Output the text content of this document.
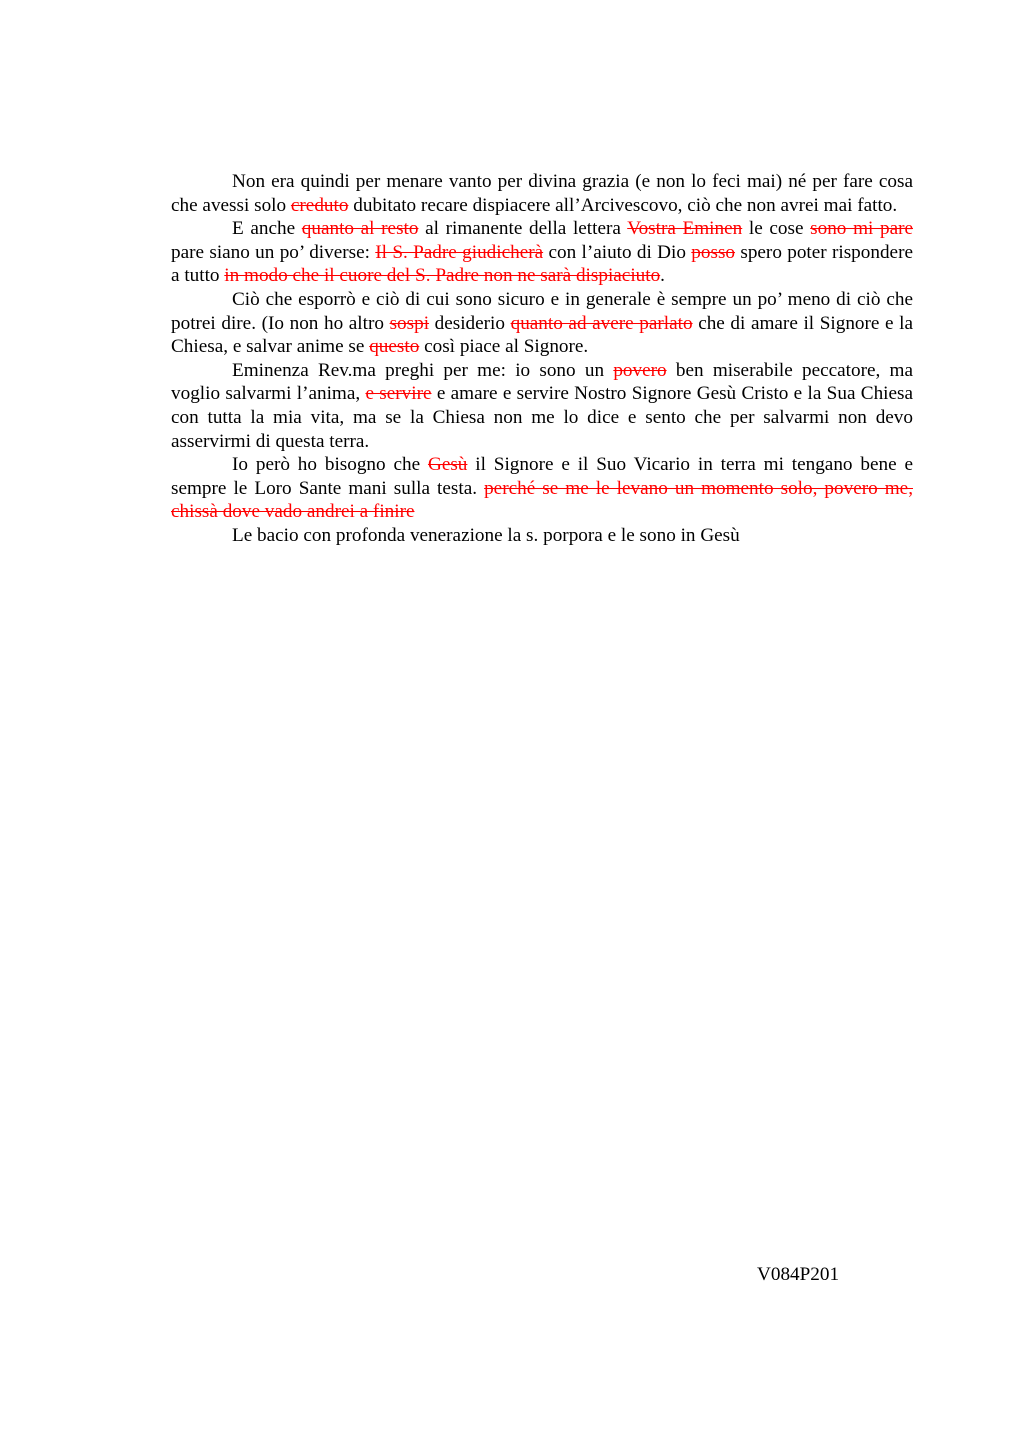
Non era quindi per menare vanto per divina grazia (e non lo feci mai) né per fare cosa che avessi solo creduto dubitato recare dispiacere all’Arcivescovo, ciò che non avrei mai fatto.

E anche quanto al resto al rimanente della lettera Vostra Eminen le cose sono mi pare pare siano un po’ diverse: Il S. Padre giudicherà con l’aiuto di Dio posso spero poter rispondere a tutto in modo che il cuore del S. Padre non ne sarà dispiaciuto.

Ciò che esporrò e ciò di cui sono sicuro e in generale è sempre un po’ meno di ciò che potrei dire. (Io non ho altro sospi desiderio quanto ad avere parlato che di amare il Signore e la Chiesa, e salvar anime se questo così piace al Signore.

Eminenza Rev.ma preghi per me: io sono un povero ben miserabile peccatore, ma voglio salvarmi l’anima, e servire e amare e servire Nostro Signore Gesù Cristo e la Sua Chiesa con tutta la mia vita, ma se la Chiesa non me lo dice e sento che per salvarmi non devo asservirmi di questa terra.

Io però ho bisogno che Gesù il Signore e il Suo Vicario in terra mi tengano bene e sempre le Loro Sante mani sulla testa. perché se me le levano un momento solo, povero me, chissà dove vado andrei a finire

Le bacio con profonda venerazione la s. porpora e le sono in Gesù

V084P201
